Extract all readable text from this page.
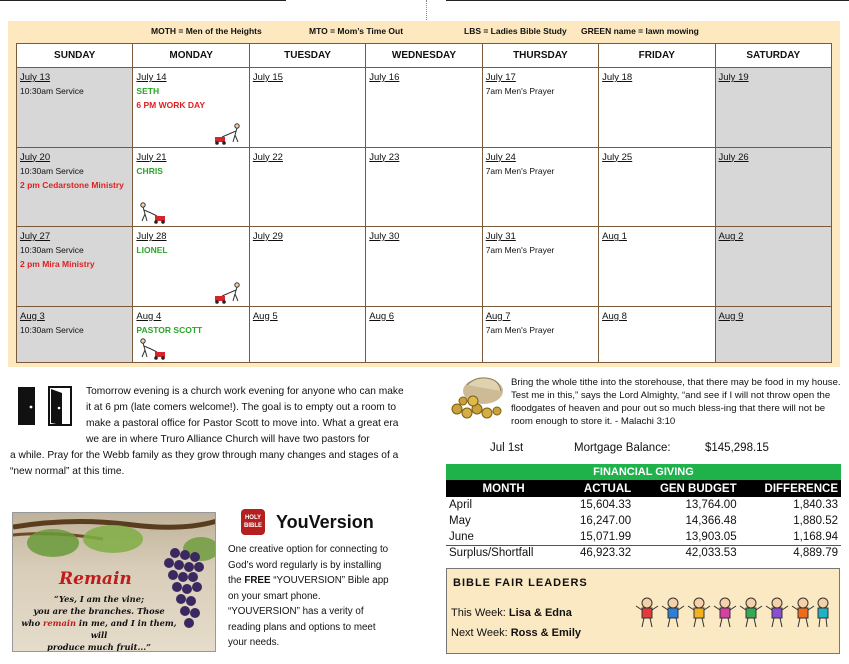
MOTH = Men of the Heights	MTO = Mom’s Time Out	LBS = Ladies Bible Study GREEN name = lawn mowing
SUNDAY	MONDAY	TUESDAY	WEDNESDAY	THURSDAY	FRIDAY	SATURDAY

July 13
10:30am Service	July 14
SETH
6 PM WORK DAY	July 15	July 16	July 17
7am Men's Prayer	July 18	July 19

July 20
10:30am Service
2 pm Cedarstone Ministry	July 21
CHRIS	July 22	July 23	July 24
7am Men's Prayer	July 25	July 26

July 27
10:30am Service
2 pm Mira Ministry	July 28
LIONEL	July 29	July 30	July 31
7am Men's Prayer	Aug 1	Aug 2

Aug 3
10:30am Service	Aug 4
PASTOR SCOTT	Aug 5	Aug 6	Aug 7
7am Men's Prayer	Aug 8	Aug 9

Tomorrow evening is a church work evening for anyone who can make it at 6 pm (late comers welcome!). The goal is to empty out a room to make a pastoral office for Pastor Scott to move into. What a great era we are in where Truro Alliance Church will have two pastors for

a while. Pray for the Webb family as they grow through many changes and stages of a “new normal” at this time.

Bring the whole tithe into the storehouse, that there may be food in my house. Test me in this,” says the Lord Almighty, “and see if I will not throw open the floodgates of heaven and pour out so much bless-ing that there will not be room enough to store it. - Malachi 3:10
Jul 1st	Mortgage Balance:	$145,298.15
FINANCIAL GIVING
MONTH	ACTUAL	GEN BUDGET	DIFFERENCE
April	15,604.33	13,764.00	1,840.33
May	16,247.00	14,366.48	1,880.52
June	15,071.99	13,903.05	1,168.94
Surplus/Shortfall	46,923.32	42,033.53	4,889.79
BIBLE FAIR LEADERS
This Week: Lisa & Edna
Next Week: Ross & Emily
Remain
“Yes, I am the vine;
you are the branches. Those
who remain in me, and I in them, will
produce much fruit...”
HOLY
BIBLE YouVersion
One creative option for connecting to God’s word regularly is by installing the FREE “YOUVERSION” Bible app on your smart phone. “YOUVERSION” has a verity of reading plans and options to meet your needs.
